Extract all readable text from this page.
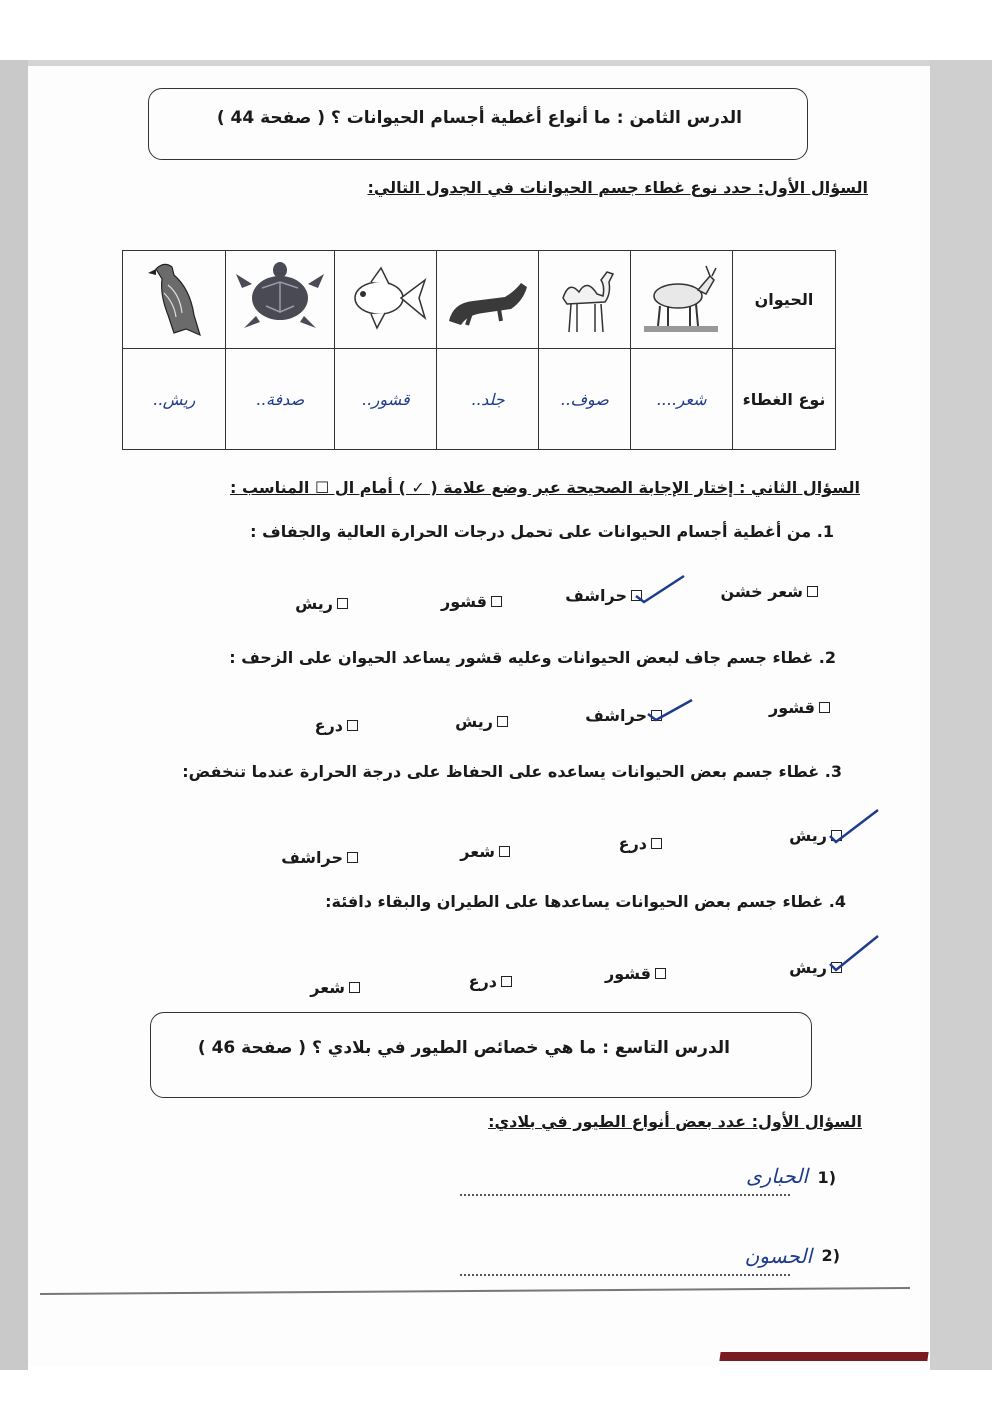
الدرس الثامن : ما أنواع أغطية أجسام الحيوانات ؟ ( صفحة 44 )
السؤال الأول: حدد نوع غطاء جسم الحيوانات في الجدول التالي:
الحيوان						
نوع الغطاء	شعر....	صوف..	جلد..	قشور..	صدفة..	ريش..
السؤال الثاني : إختار الإجابة الصحيحة عبر وضع علامة ( ✓ ) أمام ال ☐ المناسب :
1. من أغطية أجسام الحيوانات على تحمل درجات الحرارة العالية والجفاف :
شعر خشن
حراشف
قشور
ريش
2. غطاء جسم جاف لبعض الحيوانات وعليه قشور يساعد الحيوان على الزحف :
قشور
حراشف
ريش
درع
3. غطاء جسم بعض الحيوانات يساعده على الحفاظ على درجة الحرارة عندما تنخفض:
ريش
درع
شعر
حراشف
4. غطاء جسم بعض الحيوانات يساعدها على الطيران والبقاء دافئة:
ريش
قشور
درع
شعر
الدرس التاسع : ما هي خصائص الطيور في بلادي ؟ ( صفحة 46 )
السؤال الأول: عدد بعض أنواع الطيور في بلادي:
(1
الحبارى
(2
الحسون
